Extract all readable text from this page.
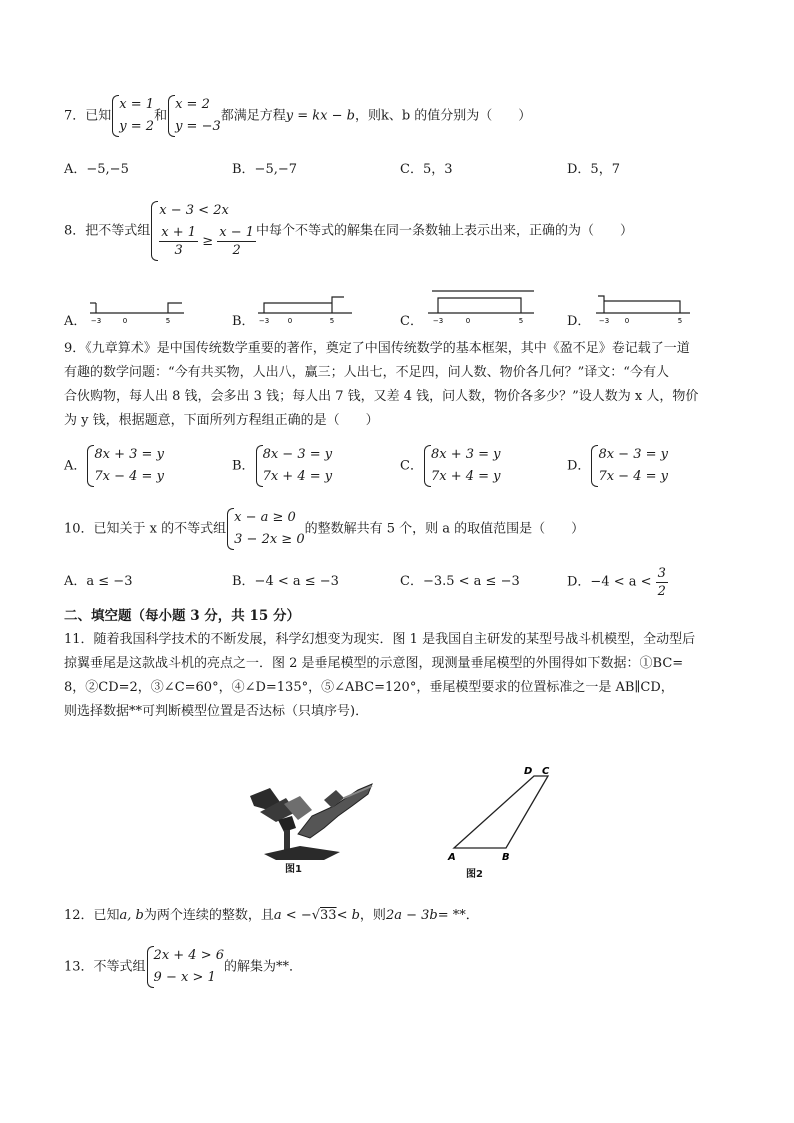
7．已知
x = 1
y = 2
和
x = 2
y = −3
都满足方程y = kx − b，则k、b 的值分别为（　　）
A．−5,−5	B．−5,−7	C．5，3	D．5，7
8．把不等式组
x − 3 < 2x
$\frac{x + 1}{3} \ge \frac{x - 1}{2}$ 中每个不等式的解集在同一条数轴上表示出来，正确的为（　　）
A． −3	0	5	B． −3	0	5	C． −3	0	5	D． −3 0	5
9．《九章算术》是中国传统数学重要的著作，奠定了中国传统数学的基本框架，其中《盈不足》卷记载了一道
有趣的数学问题：“今有共买物，人出八，赢三；人出七，不足四，问人数、物价各几何？”译文：“今有人
合伙购物，每人出 8 钱，会多出 3 钱；每人出 7 钱，又差 4 钱，问人数，物价各多少？”设人数为 x 人，物价
为 y 钱，根据题意，下面所列方程组正确的是（　　）
A．
8x + 3 = y
7x − 4 = y
B．
8x − 3 = y
7x + 4 = y
C．
8x + 3 = y
7x + 4 = y
D．
8x − 3 = y
7x − 4 = y
10．已知关于 x 的不等式组
x − a ≥ 0
3 − 2x ≥ 0
的整数解共有 5 个，则 a 的取值范围是（　　）
A．a ≤ −3	B．−4 < a ≤ −3	C．−3.5 < a ≤ −3	D．$-4 < a < \frac{3}{2}$
二、填空题（每小题 3 分，共 15 分）
11．随着我国科学技术的不断发展，科学幻想变为现实．图 1 是我国自主研发的某型号战斗机模型，全动型后
掠翼垂尾是这款战斗机的亮点之一．图 2 是垂尾模型的示意图，现测量垂尾模型的外围得如下数据：①BC=
8，②CD=2，③∠C=60°，④∠D=135°，⑤∠ABC=120°，垂尾模型要求的位置标准之一是 AB∥CD，
则选择数据**可判断模型位置是否达标（只填序号)．
图1
A	B
C
D
图2
12．已知a, b为两个连续的整数，且a < −√33< b，则2a − 3b= **．
13．不等式组
2x + 4 > 6
9 − x > 1
的解集为**．
